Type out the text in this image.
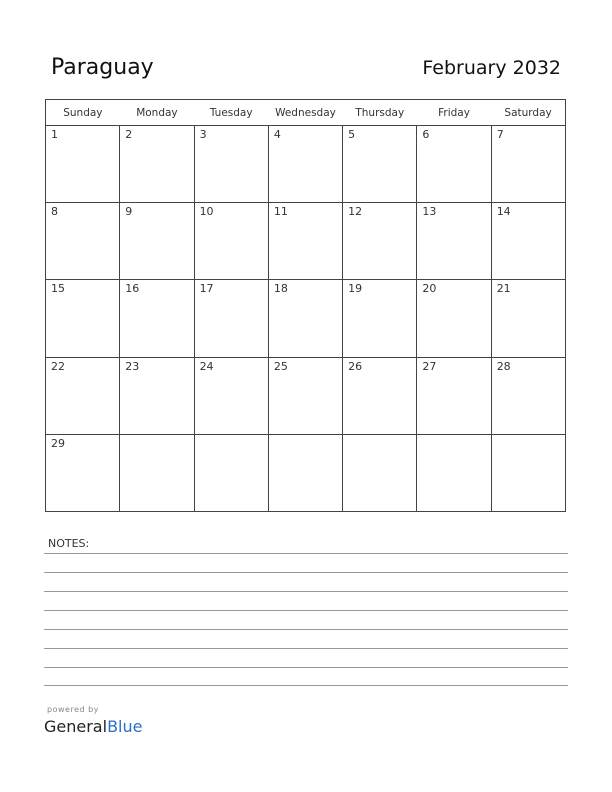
Paraguay	February 2032
Sunday	Monday	Tuesday	Wednesday	Thursday	Friday	Saturday
1	2	3	4	5	6	7
8	9	10	11	12	13	14
15	16	17	18	19	20	21
22	23	24	25	26	27	28
29						
NOTES:
powered by
GeneralBlue
